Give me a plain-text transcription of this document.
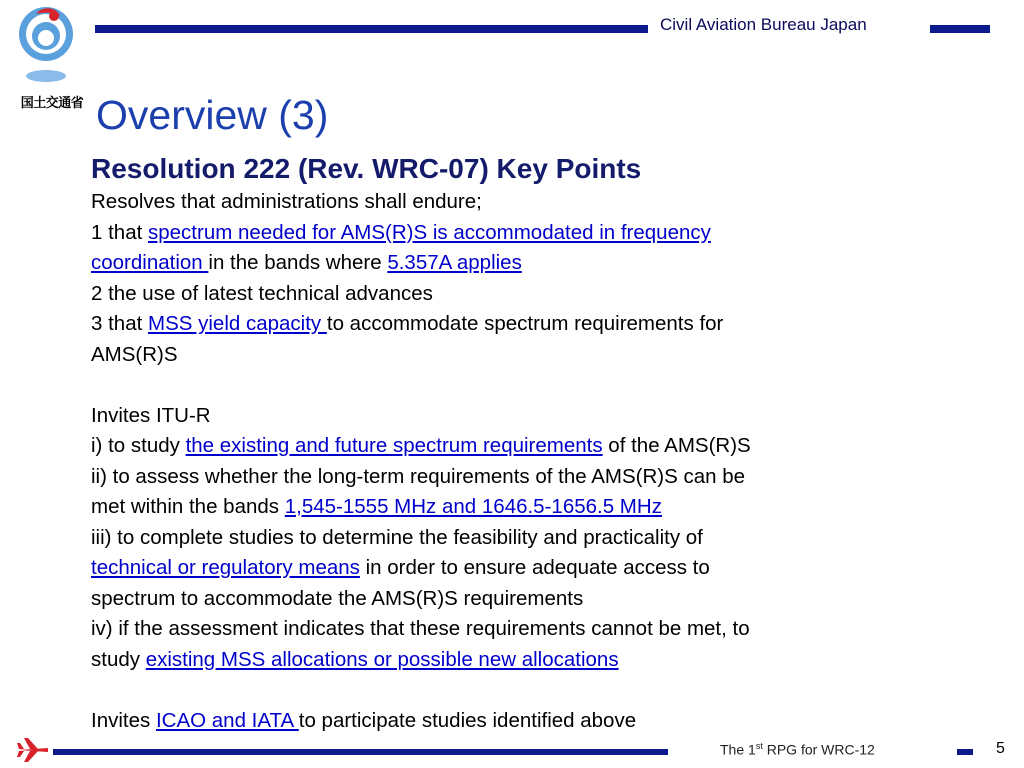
国土交通省
Civil Aviation Bureau Japan
Overview (3)
Resolution 222 (Rev. WRC-07) Key Points
Resolves that administrations shall endure;
1 that spectrum needed for AMS(R)S is accommodated in frequency
coordination in the bands where 5.357A applies
2 the use of latest technical advances
3 that MSS yield capacity to accommodate spectrum requirements for
AMS(R)S
Invites ITU-R
i) to study the existing and future spectrum requirements of the AMS(R)S
ii) to assess whether the long-term requirements of the AMS(R)S can be
met within the bands 1,545-1555 MHz and 1646.5-1656.5 MHz
iii) to complete studies to determine the feasibility and practicality of
technical or regulatory means in order to ensure adequate access to
spectrum to accommodate the AMS(R)S requirements
iv) if the assessment indicates that these requirements cannot be met, to
study existing MSS allocations or possible new allocations
Invites ICAO and IATA to participate studies identified above
The 1st RPG for WRC-12	5
